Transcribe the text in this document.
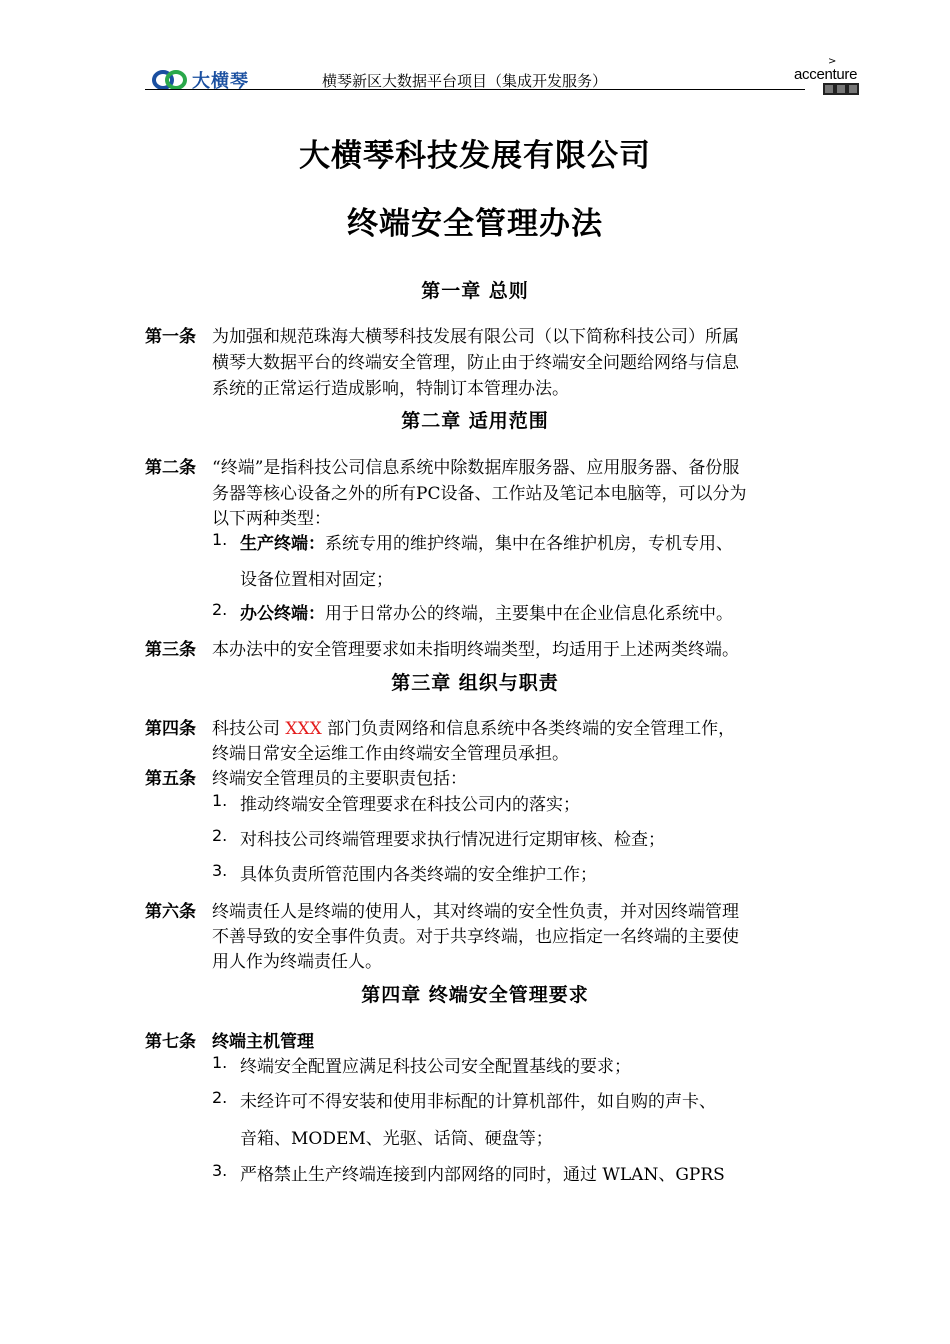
大横琴	横琴新区大数据平台项目（集成开发服务）
>
accenture
大横琴科技发展有限公司
终端安全管理办法
第一章 总则
第一条 为加强和规范珠海大横琴科技发展有限公司（以下简称科技公司）所属
横琴大数据平台的终端安全管理，防止由于终端安全问题给网络与信息
系统的正常运行造成影响，特制订本管理办法。
第二章 适用范围
第二条 “终端”是指科技公司信息系统中除数据库服务器、应用服务器、备份服
务器等核心设备之外的所有PC设备、工作站及笔记本电脑等，可以分为
以下两种类型：
1. 生产终端：系统专用的维护终端，集中在各维护机房，专机专用、
设备位置相对固定；
2. 办公终端：用于日常办公的终端，主要集中在企业信息化系统中。
第三条 本办法中的安全管理要求如未指明终端类型，均适用于上述两类终端。
第三章 组织与职责
第四条 科技公司 XXX 部门负责网络和信息系统中各类终端的安全管理工作，
终端日常安全运维工作由终端安全管理员承担。
第五条 终端安全管理员的主要职责包括：
1. 推动终端安全管理要求在科技公司内的落实；
2. 对科技公司终端管理要求执行情况进行定期审核、检查；
3. 具体负责所管范围内各类终端的安全维护工作；
第六条 终端责任人是终端的使用人，其对终端的安全性负责，并对因终端管理
不善导致的安全事件负责。对于共享终端，也应指定一名终端的主要使
用人作为终端责任人。
第四章 终端安全管理要求
第七条 终端主机管理
1. 终端安全配置应满足科技公司安全配置基线的要求；
2. 未经许可不得安装和使用非标配的计算机部件，如自购的声卡、
音箱、MODEM、光驱、话筒、硬盘等；
3. 严格禁止生产终端连接到内部网络的同时，通过 WLAN、GPRS
